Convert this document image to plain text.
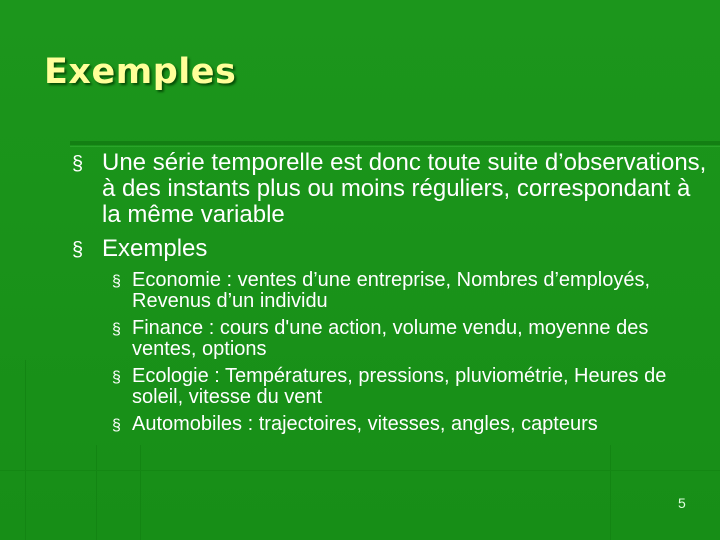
Exemples
§ Une série temporelle est donc toute suite d’observations, à des instants plus ou moins réguliers, correspondant à la même variable
§ Exemples
§ Economie : ventes d’une entreprise, Nombres d’employés, Revenus d’un individu
§ Finance : cours d'une action, volume vendu, moyenne des ventes, options
§ Ecologie : Températures, pressions, pluviométrie, Heures de soleil, vitesse du vent
§ Automobiles : trajectoires, vitesses, angles, capteurs
5
